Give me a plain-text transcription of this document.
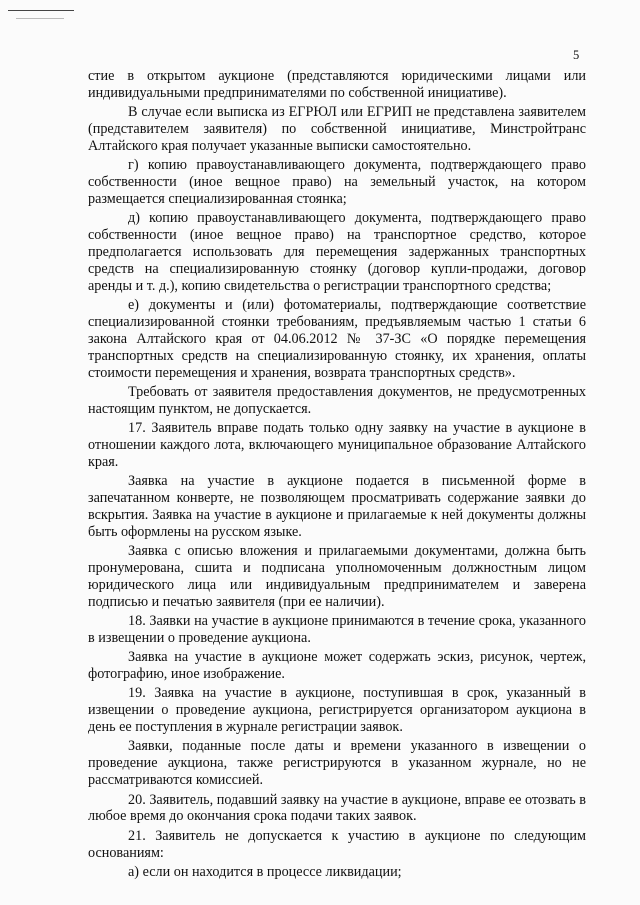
5

стие в открытом аукционе (представляются юридическими лицами или индивидуальными предпринимателями по собственной инициативе).

В случае если выписка из ЕГРЮЛ или ЕГРИП не представлена заявителем (представителем заявителя) по собственной инициативе, Минстройтранс Алтайского края получает указанные выписки самостоятельно.

г) копию правоустанавливающего документа, подтверждающего право собственности (иное вещное право) на земельный участок, на котором размещается специализированная стоянка;

д) копию правоустанавливающего документа, подтверждающего право собственности (иное вещное право) на транспортное средство, которое предполагается использовать для перемещения задержанных транспортных средств на специализированную стоянку (договор купли-продажи, договор аренды и т. д.), копию свидетельства о регистрации транспортного средства;

е) документы и (или) фотоматериалы, подтверждающие соответствие специализированной стоянки требованиям, предъявляемым частью 1 статьи 6 закона Алтайского края от 04.06.2012 № 37-ЗС «О порядке перемещения транспортных средств на специализированную стоянку, их хранения, оплаты стоимости перемещения и хранения, возврата транспортных средств».

Требовать от заявителя предоставления документов, не предусмотренных настоящим пунктом, не допускается.

17. Заявитель вправе подать только одну заявку на участие в аукционе в отношении каждого лота, включающего муниципальное образование Алтайского края.

Заявка на участие в аукционе подается в письменной форме в запечатанном конверте, не позволяющем просматривать содержание заявки до вскрытия. Заявка на участие в аукционе и прилагаемые к ней документы должны быть оформлены на русском языке.

Заявка с описью вложения и прилагаемыми документами, должна быть пронумерована, сшита и подписана уполномоченным должностным лицом юридического лица или индивидуальным предпринимателем и заверена подписью и печатью заявителя (при ее наличии).

18. Заявки на участие в аукционе принимаются в течение срока, указанного в извещении о проведение аукциона.

Заявка на участие в аукционе может содержать эскиз, рисунок, чертеж, фотографию, иное изображение.

19. Заявка на участие в аукционе, поступившая в срок, указанный в извещении о проведение аукциона, регистрируется организатором аукциона в день ее поступления в журнале регистрации заявок.

Заявки, поданные после даты и времени указанного в извещении о проведение аукциона, также регистрируются в указанном журнале, но не рассматриваются комиссией.

20. Заявитель, подавший заявку на участие в аукционе, вправе ее отозвать в любое время до окончания срока подачи таких заявок.

21. Заявитель не допускается к участию в аукционе по следующим основаниям:

а) если он находится в процессе ликвидации;
